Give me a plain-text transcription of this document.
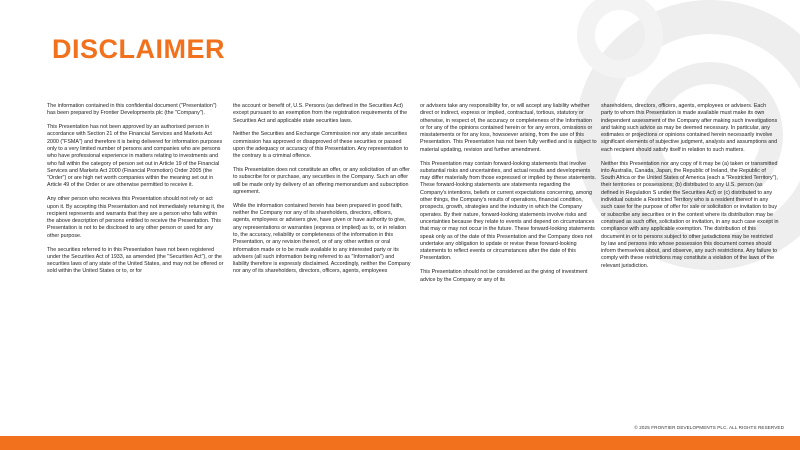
DISCLAIMER

The information contained in this confidential document ("Presentation") has been prepared by Frontier Developments plc (the "Company").

This Presentation has not been approved by an authorised person in accordance with Section 21 of the Financial Services and Markets Act 2000 ("FSMA") and therefore it is being delivered for information purposes only to a very limited number of persons and companies who are persons who have professional experience in matters relating to investments and who fall within the category of person set out in Article 19 of the Financial Services and Markets Act 2000 (Financial Promotion) Order 2005 (the "Order") or are high net worth companies within the meaning set out in Article 49 of the Order or are otherwise permitted to receive it.

Any other person who receives this Presentation should not rely or act upon it. By accepting this Presentation and not immediately returning it, the recipient represents and warrants that they are a person who falls within the above description of persons entitled to receive the Presentation. This Presentation is not to be disclosed to any other person or used for any other purpose.

The securities referred to in this Presentation have not been registered under the Securities Act of 1933, as amended (the "Securities Act"), or the securities laws of any state of the United States, and may not be offered or sold within the United States or to, or for

the account or benefit of, U.S. Persons (as defined in the Securities Act) except pursuant to an exemption from the registration requirements of the Securities Act and applicable state securities laws.

Neither the Securities and Exchange Commission nor any state securities commission has approved or disapproved of these securities or passed upon the adequacy or accuracy of this Presentation. Any representation to the contrary is a criminal offence.

This Presentation does not constitute an offer, or any solicitation of an offer to subscribe for or purchase, any securities in the Company. Such an offer will be made only by delivery of an offering memorandum and subscription agreement.

While the information contained herein has been prepared in good faith, neither the Company nor any of its shareholders, directors, officers, agents, employees or advisers give, have given or have authority to give, any representations or warranties (express or implied) as to, or in relation to, the accuracy, reliability or completeness of the information in this Presentation, or any revision thereof, or of any other written or oral information made or to be made available to any interested party or its advisers (all such information being referred to as "Information") and liability therefore is expressly disclaimed. Accordingly, neither the Company nor any of its shareholders, directors, officers, agents, employees

or advisers take any responsibility for, or will accept any liability whether direct or indirect, express or implied, contractual, tortious, statutory or otherwise, in respect of, the accuracy or completeness of the Information or for any of the opinions contained herein or for any errors, omissions or misstatements or for any loss, howsoever arising, from the use of this Presentation. This Presentation has not been fully verified and is subject to material updating, revision and further amendment.

This Presentation may contain forward-looking statements that involve substantial risks and uncertainties, and actual results and developments may differ materially from those expressed or implied by these statements. These forward-looking statements are statements regarding the Company's intentions, beliefs or current expectations concerning, among other things, the Company's results of operations, financial condition, prospects, growth, strategies and the industry in which the Company operates. By their nature, forward-looking statements involve risks and uncertainties because they relate to events and depend on circumstances that may or may not occur in the future. These forward-looking statements speak only as of the date of this Presentation and the Company does not undertake any obligation to update or revise these forward-looking statements to reflect events or circumstances after the date of this Presentation.

This Presentation should not be considered as the giving of investment advice by the Company or any of its

shareholders, directors, officers, agents, employees or advisers. Each party to whom this Presentation is made available must make its own independent assessment of the Company after making such investigations and taking such advice as may be deemed necessary. In particular, any estimates or projections or opinions contained herein necessarily involve significant elements of subjective judgment, analysis and assumptions and each recipient should satisfy itself in relation to such matters.

Neither this Presentation nor any copy of it may be (a) taken or transmitted into Australia, Canada, Japan, the Republic of Ireland, the Republic of South Africa or the United States of America (each a "Restricted Territory"), their territories or possessions; (b) distributed to any U.S. person (as defined in Regulation S under the Securities Act) or (c) distributed to any individual outside a Restricted Territory who is a resident thereof in any such case for the purpose of offer for sale or solicitation or invitation to buy or subscribe any securities or in the context where its distribution may be construed as such offer, solicitation or invitation, in any such case except in compliance with any applicable exemption. The distribution of this document in or to persons subject to other jurisdictions may be restricted by law and persons into whose possession this document comes should inform themselves about, and observe, any such restrictions. Any failure to comply with these restrictions may constitute a violation of the laws of the relevant jurisdiction.

© 2025 FRONTIER DEVELOPMENTS PLC. ALL RIGHTS RESERVED
